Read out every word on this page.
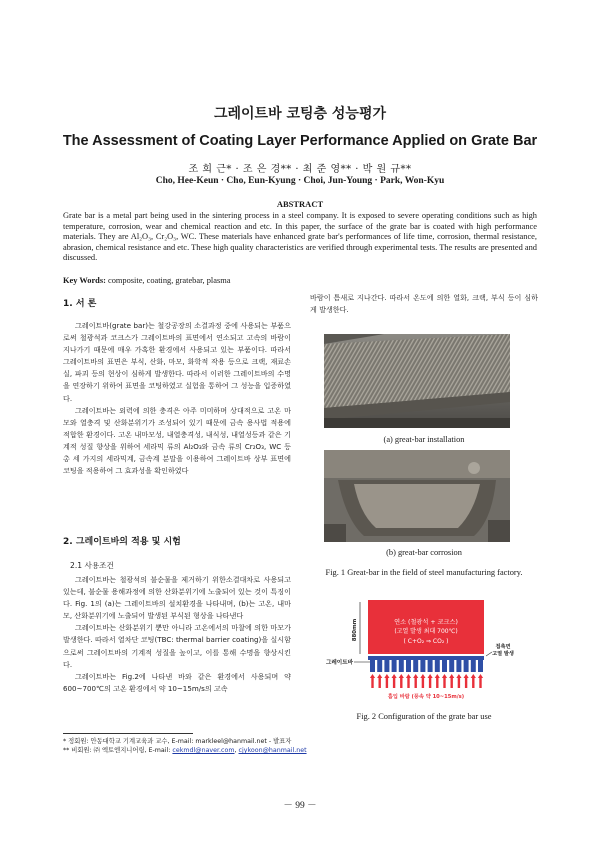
그레이트바 코팅층 성능평가
The Assessment of Coating Layer Performance Applied on Grate Bar
조 희 근* · 조 은 경** · 최 준 영** · 박 원 규**
Cho, Hee-Keun · Cho, Eun-Kyung · Choi, Jun-Young · Park, Won-Kyu
ABSTRACT
Grate bar is a metal part being used in the sintering process in a steel company. It is exposed to severe operating conditions such as high temperature, corrosion, wear and chemical reaction and etc. In this paper, the surface of the grate bar is coated with high performance materials. They are Al₂O₃, Cr₂O₃, WC. These materials have enhanced grate bar's performances of life time, corrosion, thermal resistance, abrasion, chemical resistance and etc. These high quality characteristics are verified through experimental tests. The results are presented and discussed.
Key Words: composite, coating, gratebar, plasma
1. 서 론

그레이트바(grate bar)는 철강공장의 소결과정 중에 사용되는 부품으로써 철광석과 코크스가 그레이트바의 표면에서 연소되고 고속의 바람이 지나가기 때문에 매우 가혹한 환경에서 사용되고 있는 부품이다. 따라서 그레이트바의 표면은 부식, 산화, 마모, 화학적 작용 등으로 크랙, 재료손실, 파괴 등의 현상이 심하게 발생한다. 따라서 이러한 그레이트바의 수명을 연장하기 위하여 표면을 코팅하였고 실험을 통하여 그 성능을 입증하였다.

그레이트바는 외력에 의한 충격은 아주 미미하며 상대적으로 고온 마모와 열충격 및 산화분위기가 조성되어 있기 때문에 금속 용사법 적용에 적합한 환경이다. 고온 내마모성, 내열충격성, 내식성, 내열성등과 같은 기계적 성질 향상을 위하여 세라믹 류의 Al₂O₃와 금속 류의 Cr₂O₃, WC 등 총 세 가지의 세라믹계, 금속계 분말을 이용하여 그레이트바 상부 표면에 코팅을 적용하여 그 효과성을 확인하였다

2. 그레이트바의 적용 및 시험
2.1 사용조건

그레이트바는 철광석의 불순물을 제거하기 위한소결대차로 사용되고 있는데, 불순물 용해과정에 의한 산화분위기에 노출되어 있는 것이 특징이다. Fig. 1의 (a)는 그레이트바의 설치환경을 나타내며, (b)는 고온, 내마모, 산화분위기에 노출되어 발생된 부식된 형상을 나타낸다

그레이트바는 산화분위기 뿐만 아니라 고온에서의 마찰에 의한 마모가 발생한다. 따라서 열차단 코팅(TBC: thermal barrier coating)을 실시함으로써 그레이트바의 기계적 성질을 높이고, 이를 통해 수명을 향상시킨다.

그레이트바는 Fig.2에 나타낸 바와 같은 환경에서 사용되며 약 600~700℃의 고온 환경에서 약 10~15m/s의 고속

바람이 틈새로 지나간다. 따라서 온도에 의한 열화, 크랙, 부식 등이 심하게 발생한다.

(a) great-bar installation
(b) great-bar corrosion
Fig. 1 Great-bar in the field of steel manufacturing factory.
연소 (철광석 + 코크스)
(고열 발생 최대 700℃)
( C+O₂ ⇒ CO₂ )
880mm
그레이트바
접촉면
고열 발생
흡입 바람 (풍속 약 10~15m/s)
Fig. 2 Configuration of the grate bar use
* 정회원: 안동대학교 기계교육과 교수, E-mail: markleel@hanmail.net - 발표자
** 비회원: ㈜ 엑토엔지니어링, E-mail: cekmdl@naver.com, cjykoon@hanmail.net
－ 99 －
